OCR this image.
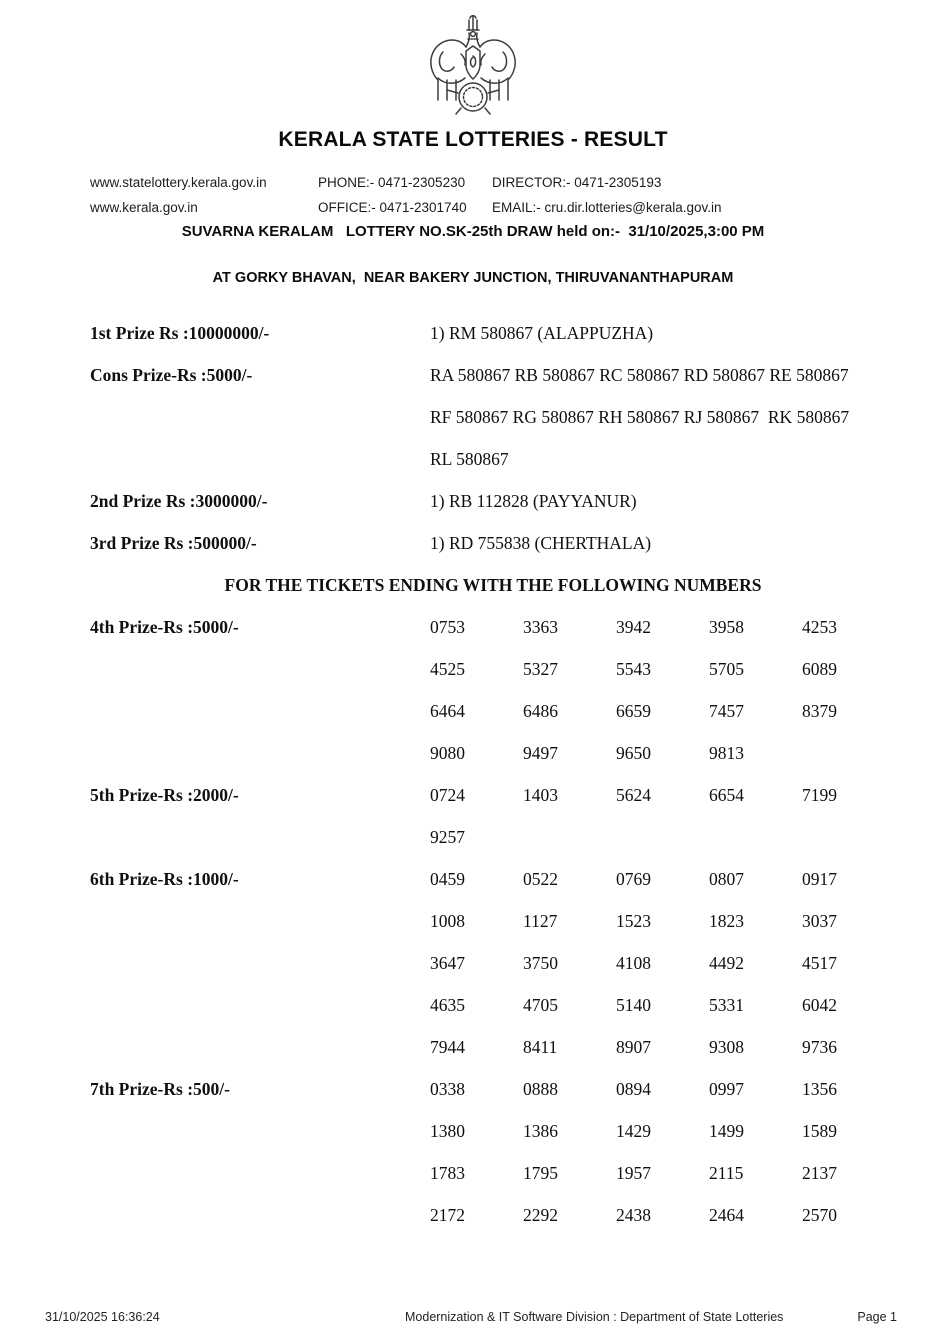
KERALA STATE LOTTERIES - RESULT
www.statelottery.kerala.gov.in	PHONE:- 0471-2305230	DIRECTOR:- 0471-2305193
www.kerala.gov.in	OFFICE:- 0471-2301740	EMAIL:- cru.dir.lotteries@kerala.gov.in
SUVARNA KERALAM   LOTTERY NO.SK-25th DRAW held on:-  31/10/2025,3:00 PM
AT GORKY BHAVAN,  NEAR BAKERY JUNCTION, THIRUVANANTHAPURAM
1st Prize Rs :10000000/-	1) RM 580867 (ALAPPUZHA)
Cons Prize-Rs :5000/-	RA 580867 RB 580867 RC 580867 RD 580867 RE 580867
RF 580867 RG 580867 RH 580867 RJ 580867  RK 580867
RL 580867
2nd Prize Rs :3000000/-	1) RB 112828 (PAYYANUR)
3rd Prize Rs :500000/-	1) RD 755838 (CHERTHALA)
FOR THE TICKETS ENDING WITH THE FOLLOWING NUMBERS
4th Prize-Rs :5000/-	0753	3363	3942	3958	4253
4525	5327	5543	5705	6089
6464	6486	6659	7457	8379
9080	9497	9650	9813
5th Prize-Rs :2000/-	0724	1403	5624	6654	7199
9257
6th Prize-Rs :1000/-	0459	0522	0769	0807	0917
1008	1127	1523	1823	3037
3647	3750	4108	4492	4517
4635	4705	5140	5331	6042
7944	8411	8907	9308	9736
7th Prize-Rs :500/-	0338	0888	0894	0997	1356
1380	1386	1429	1499	1589
1783	1795	1957	2115	2137
2172	2292	2438	2464	2570
31/10/2025 16:36:24	Modernization & IT Software Division : Department of State Lotteries	Page 1
